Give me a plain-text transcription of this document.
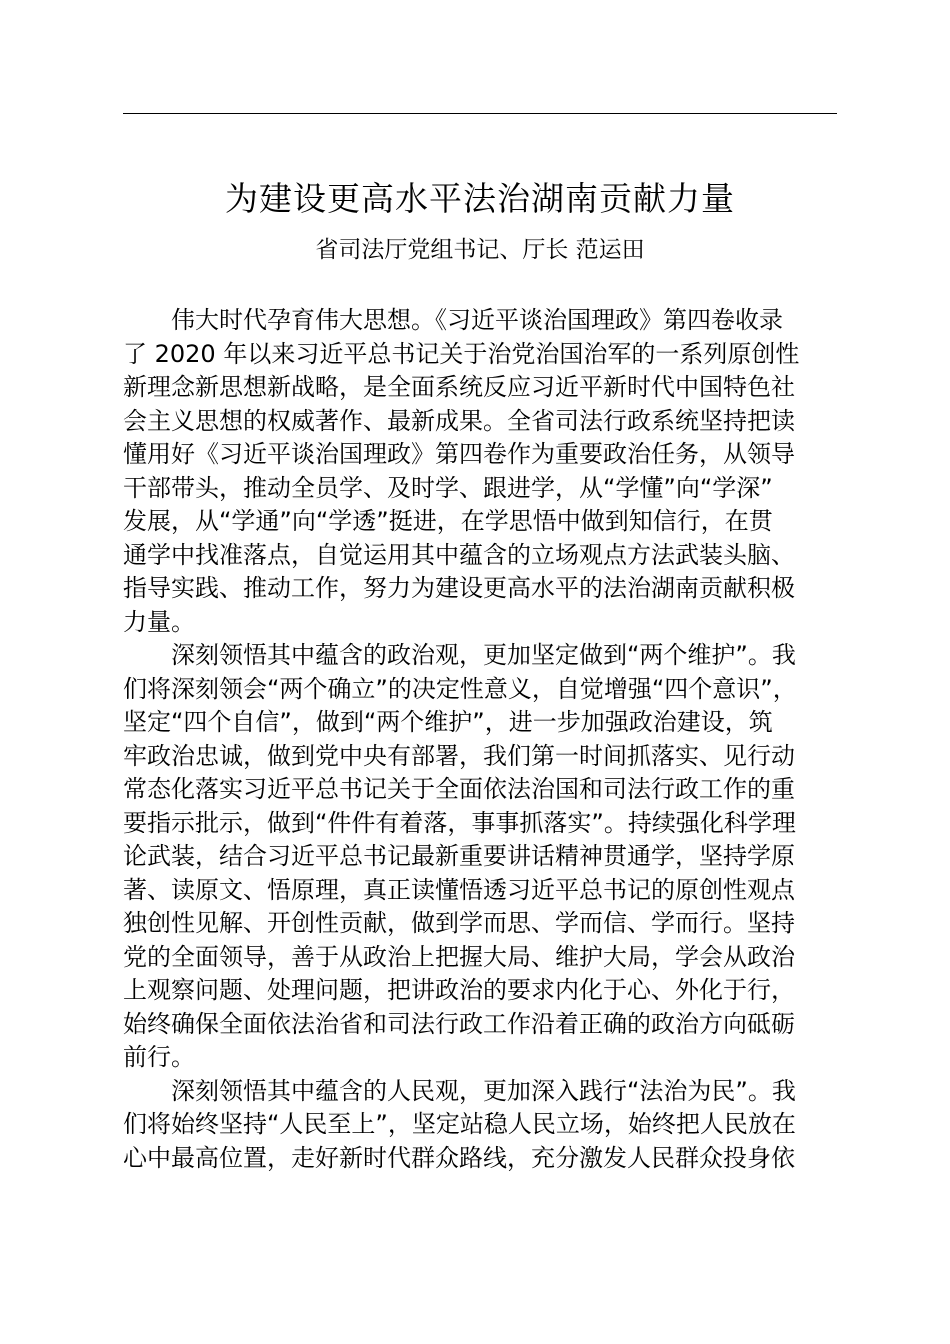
为建设更高水平法治湖南贡献力量
省司法厅党组书记、厅长 范运田
伟大时代孕育伟大思想。《习近平谈治国理政》第四卷收录
了 2020 年以来习近平总书记关于治党治国治军的一系列原创性
新理念新思想新战略，是全面系统反应习近平新时代中国特色社
会主义思想的权威著作、最新成果。全省司法行政系统坚持把读
懂用好《习近平谈治国理政》第四卷作为重要政治任务，从领导
干部带头，推动全员学、及时学、跟进学，从“学懂”向“学深”
发展，从“学通”向“学透”挺进，在学思悟中做到知信行，在贯
通学中找准落点，自觉运用其中蕴含的立场观点方法武装头脑、
指导实践、推动工作，努力为建设更高水平的法治湖南贡献积极
力量。
深刻领悟其中蕴含的政治观，更加坚定做到“两个维护”。我
们将深刻领会“两个确立”的决定性意义，自觉增强“四个意识”，
坚定“四个自信”，做到“两个维护”，进一步加强政治建设，筑
牢政治忠诚，做到党中央有部署，我们第一时间抓落实、见行动
常态化落实习近平总书记关于全面依法治国和司法行政工作的重
要指示批示，做到“件件有着落，事事抓落实”。持续强化科学理
论武装，结合习近平总书记最新重要讲话精神贯通学，坚持学原
著、读原文、悟原理，真正读懂悟透习近平总书记的原创性观点
独创性见解、开创性贡献，做到学而思、学而信、学而行。坚持
党的全面领导，善于从政治上把握大局、维护大局，学会从政治
上观察问题、处理问题，把讲政治的要求内化于心、外化于行，
始终确保全面依法治省和司法行政工作沿着正确的政治方向砥砺
前行。
深刻领悟其中蕴含的人民观，更加深入践行“法治为民”。我
们将始终坚持“人民至上”，坚定站稳人民立场，始终把人民放在
心中最高位置，走好新时代群众路线，充分激发人民群众投身依
